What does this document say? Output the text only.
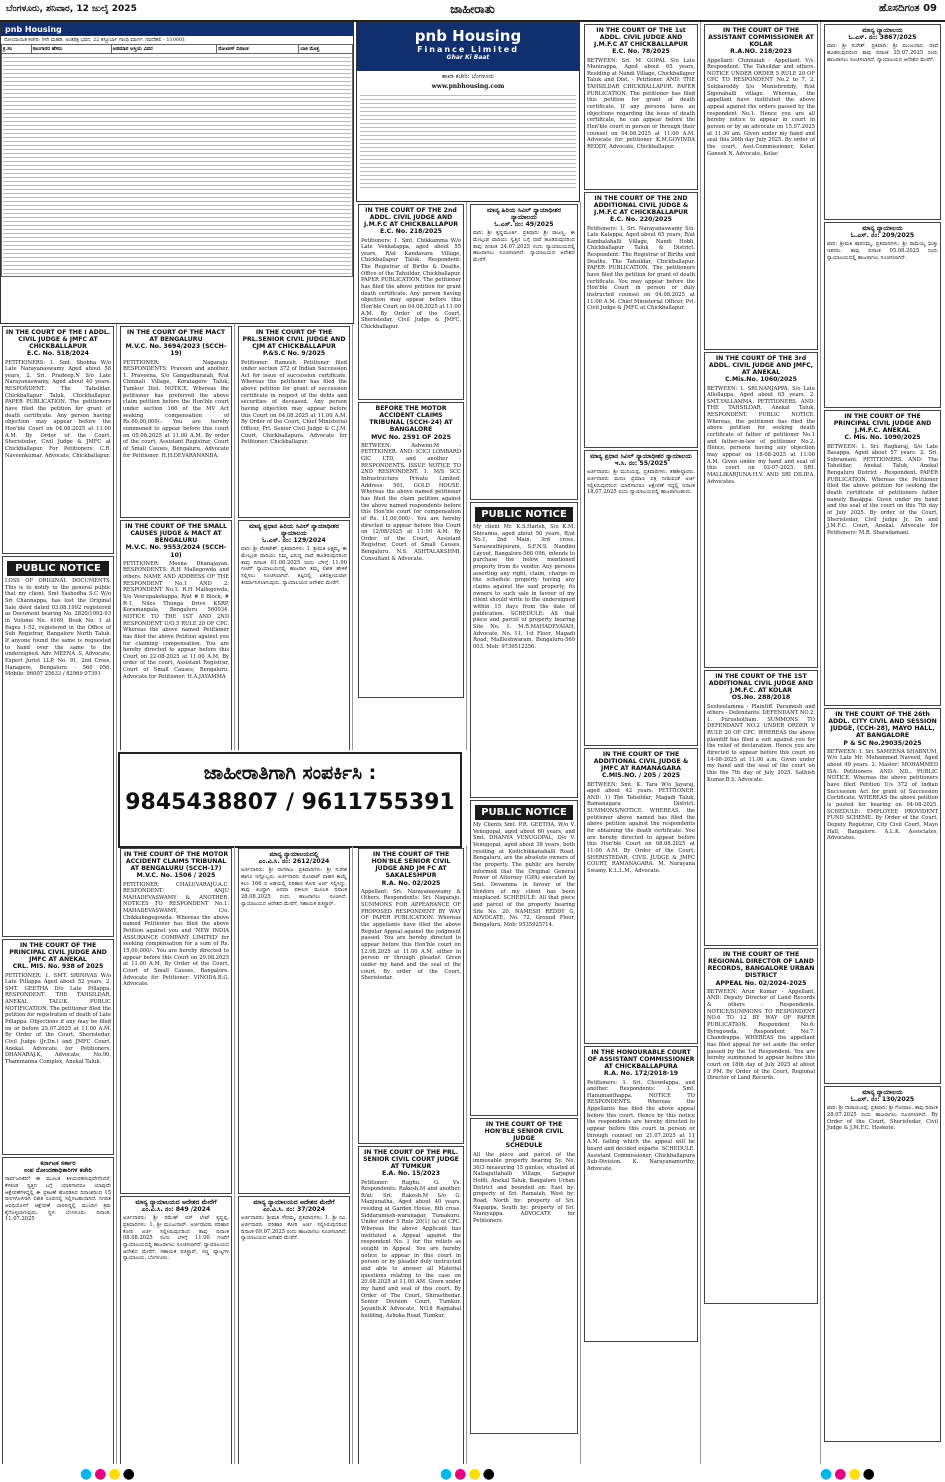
ಬೆಂಗಳೂರು, ಶನಿವಾರ, 12 ಜುಲೈ 2025	ಜಾಹೀರಾತು	ಹೊಸದಿಗಂತ 09
pnb Housing
ನೋಂದಾಯಿತ ಕಚೇರಿ: 9ನೇ ಮಹಡಿ, ಅಂತರಿಕ್ಷ ಭವನ, 22 ಕಸ್ತೂರ್ಬಾ ಗಾಂಧಿ ಮಾರ್ಗ, ನವದೆಹಲಿ - 110001
ಕ್ರ.ಸಂ	ಸಾಲಗಾರರ ಹೆಸರು	ಅಡಮಾನ ಆಸ್ತಿಯ ವಿವರ	ನೋಟೀಸ್ ದಿನಾಂಕ	ಬಾಕಿ ಮೊತ್ತ

pnb Housing
Finance Limited
Ghar Ki Baat
ಶಾಖಾ ಕಚೇರಿ: ಬೆಂಗಳೂರು
www.pnbhousing.com
ಜಾಹೀರಾತಿಗಾಗಿ ಸಂಪರ್ಕಿಸಿ :
9845438807 / 9611755391
IN THE COURT OF THE I ADDL. CIVIL JUDGE & JMFC AT CHICKBALLAPUR
E.C. No. 518/2024

PETITIONERS: 1. Smt. Shobha W/o Late Narayanaswamy Aged about 58 years, 2. Sri. Pradeep.N S/o Late Narayanaswamy, Aged about 40 years. RESPONDENT: The Tahsildar, Chickballapur Taluk, Chickballapur. PAPER PUBLICATION. The petitioners have filed the petition for grant of death certificate. Any person having objection may appear before the Hon'ble Court on 04.08.2025 at 11.00 A.M. By Order of the Court, Sheristedar, Civil Judge & JMFC at Chickballapur. For Petitioners: C.R. Naveenkumar, Advocate, Chickballapur.

PUBLIC NOTICE

LOSS OF ORIGINAL DOCUMENTS. This is to notify to the general public that my client, Smt Yashodha S.C W/o Sri Channappa, has lost the Original Sale deed dated 03.08.1992 registered as Document bearing No. 2820/1992-93 in Volume No. 4169, Book No. 1 at Pages 1-52, registered in the Office of Sub Registrar, Bangalore North Taluk. If anyone found the same is requested to hand over the same to the undersigned. Adv. MEENA .S, Advocate, Expert Jurist LLP, No. 91, 2nd Cross, Hanagere, Bengaluru - 560 056. Mobile: 96007 25633 / 82969 07391

IN THE COURT OF THE PRINCIPAL CIVIL JUDGE AND JMFC AT ANEKAL
CRL. MIS. No. 938 of 2025

PETITIONER: 1. SMT. SRINIVAS W/o Late Pillappa Aged about 52 years, 2. SMT. GEETHA D/o Late Pillappa. RESPONDENT: THE TAHSILDAR, ANEKAL TALUK. PUBLIC NOTIFICATION. The petitioner filed the petition for registration of death of Late Pillappa. Objections if any may be filed on or before 25.07.2025 at 11.00 A.M. By Order of the Court, Sheristedar, Civil Judge (Jr.Dn.) and JMFC Court, Anekal. Advocate for Petitioners: DHANARAJ.K, Advocate, No.90, Thammanna Complex, Anekal Taluk.

ಕರ್ನಾಟಕ ಸರ್ಕಾರ
ಉಪ ನೋಂದಣಾಧಿಕಾರಿಗಳ ಕಚೇರಿ

ಸಾರ್ವಜನಿಕರಿಗೆ ಈ ಮೂಲಕ ತಿಳಿಯಪಡಿಸುವುದೇನೆಂದರೆ, ಕೆಳಕಂಡ ಸ್ವತ್ತಿನ ಬಗ್ಗೆ ಯಾರಿಗಾದರೂ ಯಾವುದೇ ಆಕ್ಷೇಪಣೆಗಳಿದ್ದಲ್ಲಿ ಈ ಪ್ರಕಟಣೆ ಹೊರಡಿಸಿದ ದಿನಾಂಕದಿಂದ 15 ದಿನಗಳೊಳಗಾಗಿ ಲಿಖಿತ ರೂಪದಲ್ಲಿ ಸಲ್ಲಿಸಬಹುದಾಗಿದೆ. ನಿಗದಿತ ಅವಧಿಯೊಳಗೆ ಆಕ್ಷೇಪಣೆ ಬಾರದಿದ್ದಲ್ಲಿ ಮುಂದಿನ ಕ್ರಮ ಕೈಗೊಳ್ಳಲಾಗುವುದು. ಸ್ಥಳ: ಬೆಂಗಳೂರು. ದಿನಾಂಕ: 11.07.2025

IN THE COURT OF THE MACT AT BENGALURU
M.V.C. No. 3694/2023 (SCCH-19)

PETITIONER: Nagaraju. RESPONDENTS: Praveen and another. 1. Praveena, S/o Gangadharaiah, R/at Chinnali Village, Koratagere Taluk, Tumkur Dist. NOTICE. Whereas the petitioner has preferred the above claim petition before the Hon'ble court under section 166 of the MV Act seeking compensation of Rs.60,00,000/-. You are hereby summoned to appear before this court on 05.08.2025 at 11.00 A.M. By order of the court, Assistant Registrar, Court of Small Causes, Bengaluru. Advocate for Petitioner: H.H.DEVARANANDA.

IN THE COURT OF THE SMALL CAUSES JUDGE & MACT AT BENGALURU
M.V.C. No. 9553/2024 (SCCH-10)

PETITIONER: Meena Dhanajayan. RESPONDENTS: R.H Mallegowda and others. NAME AND ADDRESS OF THE RESPONDENT No.1 AND 2. RESPONDENT No.1: R.H Mallegowda, S/o Veerupakshappa, R/at # 8 Block, # R-1, Niles Thunga Drive KSRP, Koramangala, Bengaluru 560034. NOTICE TO THE 1ST AND 2ND RESPONDENT U/O 5 RULE 20 OF CPC. Whereas the above named Petitioner has filed the above Petition against you for claiming compensation. You are hereby directed to appear before this Court on 22-08-2025 at 11.00 A.M. By order of the court, Assistant Registrar, Court of Small Causes, Bengaluru. Advocate for Petitioner: H.A.JAYAMMA

IN THE COURT OF THE MOTOR ACCIDENT CLAIMS TRIBUNAL AT BENGALURU (SCCH-17)
M.V.C. No. 1506 / 2025

PETITIONER: CHALUVARAJU.A.C. RESPONDENT: ANJU MAHADEVASWAMY & ANOTHER. NOTICES TO RESPONDENT No.1: MAHADEVASWAMY, C/o. Chikkalingegowda. Whereas the above named Petitioner has filed the above Petition against you and 'NEW INDIA ASSURANCE COMPANY LIMITED' for seeking compensation for a sum of Rs. 15,00,000/-. You are hereby directed to appear before this Court on 29.08.2025 at 11.00 A.M. By Order of the Court, Court of Small Causes, Bangalore. Advocate for Petitioner: VINODA.B.G, Advocate.

ಮಾನ್ಯ ನ್ಯಾಯಾಲಯದ ಆದೇಶದ ಮೇರೆಗೆ
ಎಂ.ವಿ.ಸಿ. ನಂ: 849 /2024

ಅರ್ಜಿದಾರರು: ಶ್ರೀ ರಮೇಶ್ ಬಿನ್ ಲೇಟ್ ಕೃಷ್ಣಪ್ಪ. ಪ್ರತಿವಾದಿಗಳು: 1. ಶ್ರೀ ಮಂಜುನಾಥ್. ಅರ್ಜಿದಾರರು ಪರಿಹಾರ ಕೋರಿ ಅರ್ಜಿ ಸಲ್ಲಿಸಿರುವುದರಿಂದ ತಾವು ದಿನಾಂಕ 08.08.2025 ರಂದು ಬೆಳಿಗ್ಗೆ 11.00 ಗಂಟೆಗೆ ನ್ಯಾಯಾಲಯದಲ್ಲಿ ಹಾಜರಾಗಲು ಸೂಚಿಸಲಾಗಿದೆ. ನ್ಯಾಯಾಲಯದ ಆದೇಶದ ಮೇರೆಗೆ, ಸಹಾಯಕ ರಿಜಿಸ್ಟ್ರಾರ್, ಸಣ್ಣ ವ್ಯಾಜ್ಯಗಳ ನ್ಯಾಯಾಲಯ, ಬೆಂಗಳೂರು.

IN THE COURT OF THE PRL.SENIOR CIVIL JUDGE AND CJM AT CHICKBALLAPUR
P.&S.C No. 9/2025

Petitioner: Ramesh. Petitioner filed under section 372 of Indian Succession Act for issue of succession certificate. Whereas the petitioner has filed the above petition for grant of succession certificate in respect of the debts and securities of deceased. Any person having objection may appear before this Court on 04.08.2025 at 11.00 A.M. By Order of the Court, Chief Ministerial Officer, Prl. Senior Civil Judge & C.J.M. Court, Chickballapura. Advocate for Petitioner: Chickballapur.

ಮಾನ್ಯ ಪ್ರಧಾನ ಹಿರಿಯ ಸಿವಿಲ್ ನ್ಯಾಯಾಧೀಶರ ನ್ಯಾಯಾಲಯ
ಓ.ಎಸ್. ನಂ: 129/2024

ವಾದಿ: ಶ್ರೀ ವೆಂಕಟೇಶ್. ಪ್ರತಿವಾದಿಗಳು: 1. ಶ್ರೀಮತಿ ಲಕ್ಷ್ಮಮ್ಮ. ಈ ಮೇಲ್ಕಂಡ ವಾದಿಯು ನಿಮ್ಮ ವಿರುದ್ಧ ದಾವೆ ಹೂಡಿರುವುದರಿಂದ ತಾವು ದಿನಾಂಕ 01.08.2025 ರಂದು ಬೆಳಿಗ್ಗೆ 11.00 ಗಂಟೆಗೆ ನ್ಯಾಯಾಲಯದಲ್ಲಿ ಹಾಜರಾಗಿ ತಮ್ಮ ಲಿಖಿತ ಹೇಳಿಕೆ ಸಲ್ಲಿಸಲು ಸೂಚಿಸಲಾಗಿದೆ. ತಪ್ಪಿದಲ್ಲಿ ಏಕಪಕ್ಷೀಯವಾಗಿ ತೀರ್ಮಾನಿಸಲಾಗುವುದು. ನ್ಯಾಯಾಲಯದ ಆದೇಶದ ಮೇರೆಗೆ.

ಮಾನ್ಯ ನ್ಯಾಯಾಲಯದಲ್ಲಿ
ಎಂ.ವಿ.ಸಿ. ನಂ: 2612/2024

ಅರ್ಜಿದಾರರು: ಶ್ರೀ ನಾಗರಾಜ. ಪ್ರತಿವಾದಿಗಳು: ಶ್ರೀ ಸುರೇಶ ಹಾಗೂ ಇನ್ನೊಬ್ಬರು. ಅರ್ಜಿದಾರರು ಮೋಟಾರ್ ವಾಹನ ಕಾಯ್ದೆ ಕಲಂ 166 ರ ಅಡಿಯಲ್ಲಿ ಪರಿಹಾರ ಕೋರಿ ಅರ್ಜಿ ಸಲ್ಲಿಸಿದ್ದು, ತಾವು ಖುದ್ದಾಗಿ ಅಥವಾ ವಕೀಲರ ಮೂಲಕ ದಿನಾಂಕ 28.08.2025 ರಂದು ಹಾಜರಾಗಲು ಸೂಚಿಸಿದೆ. ನ್ಯಾಯಾಲಯದ ಆದೇಶದ ಮೇರೆಗೆ, ಸಹಾಯಕ ರಿಜಿಸ್ಟ್ರಾರ್.

ಮಾನ್ಯ ನ್ಯಾಯಾಲಯದ ಆದೇಶದ ಮೇರೆಗೆ
ಎಂ.ವಿ.ಸಿ. ನಂ: 37/2024

ಅರ್ಜಿದಾರರು: ಶ್ರೀಮತಿ ಗೌರಮ್ಮ. ಪ್ರತಿವಾದಿಗಳು: 1. ಶ್ರೀ ರವಿ. ಅರ್ಜಿದಾರರು ಪರಿಹಾರ ಕೋರಿ ಅರ್ಜಿ ಸಲ್ಲಿಸಿರುವುದರಿಂದ ದಿನಾಂಕ 09.07.2025 ರಂದು ಹಾಜರಾಗಲು ಸೂಚಿಸಲಾಗಿದೆ. ನ್ಯಾಯಾಲಯದ ಆದೇಶದ ಮೇರೆಗೆ.

IN THE COURT OF THE 2nd ADDL. CIVIL JUDGE AND J.M.F.C AT CHICKBALLAPUR
E.C. No. 218/2025

Petitioners: 1. Smt. Chikkamma W/o Late Venkatappa, aged about 55 years, R/at Kandavara Village, Chickballapur Taluk. Respondent: The Registrar of Births & Deaths, Office of the Tahsildar, Chickballapur. PAPER PUBLICATION. The petitioner has filed the above petition for grant death certificate. Any person having objection may appear before this Hon'ble Court on 04.08.2025 at 11.00 A.M. By Order of the Court, Sheristedar, Civil Judge & JMFC, Chickballapur.

BEFORE THE MOTOR ACCIDENT CLAIMS TRIBUNAL (SCCH-24) AT BANGALORE
MVC No. 2591 OF 2025

BETWEEN: Ashwini.M - PETITIONER. AND: ICICI LOMBARD GIC LTD, and another - RESPONDENTS. ISSUE NOTICE TO 2ND RESPONDENT. 1. M/S SCC Infrastructure Private Limited, Address: 501, GOLD HOUSE. Whereas the above named petitioner has filed the claim petition against the above named respondents before this Hon'ble court for compensation of Rs. 11,00,000/-. You are hereby directed to appear before this Court on 12/08/2025 at 11:00 A.M. By Order of the Court, Assistant Registrar, Court of Small Causes, Bengaluru. N.S. ASHTALAKSHMI, Consultant & Advocate.

IN THE COURT OF THE HON'BLE SENIOR CIVIL JUDGE AND JM FC AT SAKALESHPUR
R.A. No. 02/2025

Appellant: Sri. Narayanaswamy & Others. Respondents: Sri. Nagaraju. SUMMONS FOR APPEARANCE OF PROPOSED RESPONDENT BY WAY OF PAPER PUBLICATION. Whereas the appellants have filed the above Regular Appeal against the judgment passed. You are hereby directed to appear before this Hon'ble court on 12.08.2025 at 11.00 A.M. either in person or through pleader. Given under my hand and the seal of the court. By order of the Court, Sheristedar.

IN THE COURT OF THE PRL. SENIOR CIVIL COURT JUDGE AT TUMKUR
E.A. No. 15/2023

Petitioner: Raghu. G. Vs. Respondents: Rakesh.M and another. R/at: Sri. Rakesh.M S/o G. Manjunatha, Aged about 40 years, residing at Garden House, 8th cross, Siddaramesh-waranagar, Tumakuru. Under order 5 Rule 20(1) (a) of CPC. Whereas the above Applicant has instituted a Appeal against the respondent No. 1 for the reliefs as sought in Appeal. You are hereby notice to appear in this court in person or by pleader duly instructed and able to answer all Material questions relating to the case on 20.08.2025 at 11.00 AM. Given under my hand and seal of this court. By Order of The Court, Shirasthedar, Senior Division Court, Tumkur. Jayanth.K Advocate, NO.8 Rajmahal building, Ashoka Road, Tumkur.

ಮಾನ್ಯ ಹಿರಿಯ ಸಿವಿಲ್ ನ್ಯಾಯಾಧೀಶರ ನ್ಯಾಯಾಲಯ
ಓ.ಎಸ್. ನಂ: 49/2025

ವಾದಿ: ಶ್ರೀ ಕೃಷ್ಣಮೂರ್ತಿ. ಪ್ರತಿವಾದಿ: ಶ್ರೀ ರಾಜಣ್ಣ. ಈ ಮೇಲ್ಕಂಡ ವಾದಿಯು ಸ್ವತ್ತಿನ ಬಗ್ಗೆ ದಾವೆ ಹೂಡಿರುವುದರಿಂದ ತಾವು ದಿನಾಂಕ 24.07.2025 ರಂದು ನ್ಯಾಯಾಲಯದಲ್ಲಿ ಹಾಜರಾಗಲು ಸೂಚಿಸಲಾಗಿದೆ. ನ್ಯಾಯಾಲಯದ ಆದೇಶದ ಮೇರೆಗೆ.

PUBLIC NOTICE

My client Mr. K.S.Harish, S/o K.M. Shivanna, aged about 50 years, R/at No.1, 2nd Main, 3rd cross, Saraswathipuram, S.F.N.S. Nandini Layout, Bangalore-560 096, intends to purchase the below mentioned property from its vendor. Any persons asserting any right, claim, charge in the schedule property having any claims against the said property, its owners to such sale in favour of my client should write to the undersigned within 15 days from the date of publication. SCHEDULE: All that piece and parcel of property bearing Site No. 1. M.B.MAHADEVAIAH, Advocate, No. 11, 1st Floor, Magadi Road, Mallleshwaram, Bengaluru-560 003. Mob: 9739512256.

PUBLIC NOTICE

My Clients Smt. P.R. GEETHA, W/o V. Venugopal, aged about 60 years, and Smt. DHANYA VENUGOPAL, D/o V. Venugopal, aged about 38 years, both residing at Kodichikkanahalli Road, Bengaluru, are the absolute owners of the property. The public are hereby informed that the Original General Power of Attorney (GPA) executed by Smt. Devamma in favour of the Vendors of my client has been misplaced. SCHEDULE: All that piece and parcel of the property bearing Site No. 20. NAMESH REDDY G, ADVOCATE, No. 72, Ground Floor, Bengaluru. Mob: 9535925714.

IN THE COURT OF THE HON'BLE SENIOR CIVIL JUDGE
SCHEDULE

All the piece and parcel of the immovable property bearing Sy. No. 36/3 measuring 15 guntas, situated at Nallagattahalli Village, Sarjapur Hobli, Anekal Taluk, Bangalore Urban District and bounded on: East by: property of Sri. Ramaiah, West by: Road, North by: property of Sri. Nagappa, South by: property of Sri. Muniyappa. ADVOCATE for Petitioners.

IN THE COURT OF THE 1st ADDL. CIVIL JUDGE AND J.M.F.C AT CHICKBALLAPUR
E.C. No. 78/2025

BETWEEN: Sri. M. GOPAL S/o Late Munirappa, Aged about 65 years, Residing at Nandi Village, Chickballapur Taluk and Dist. - Petitioner. AND: THE TAHSILDAR CHICKBALLAPUR. PAPER PUBLICATION. The petitioner has filed this petition for grant of death certificate. If any persons have an objections regarding the issue of death certificate, he can appear before the Hon'ble court in person or through their counsel on 04.08.2025 at 11:00 A.M. Advocate for petitioner K.M.GOVINDA REDDY, Advocate, Chickballapur.

IN THE COURT OF THE 2ND ADDITIONAL CIVIL JUDGE & J.M.F.C AT CHICKBALLAPUR
E.C. No. 220/2025

Petitioners: 1. Sri. Narayanaswamy S/o. Late Kalappa, Aged about 65 years, R/at Kambalahalli Village, Nandi Hobli, Chickballapur Taluk & District. Respondent: The Registrar of Births and Deaths, The Tahsildar, Chickballapur. PAPER PUBLICATION. The petitioners have filed the petition for grant of death certificate. You may appear before the Hon'ble Court in person or duly instructed counsel on 04.08.2025 at 11:00 A.M. Chief Ministerial Officer, Prl. Civil Judge & JMFC at Chickballapur.

ಮಾನ್ಯ ಪ್ರಧಾನ ಸಿವಿಲ್ ನ್ಯಾಯಾಧೀಶರ ನ್ಯಾಯಾಲಯ
ಇ.ಸಿ. ನಂ: 55/2025

ಅರ್ಜಿದಾರರು: ಶ್ರೀ ಮುನಿಯಪ್ಪ. ಪ್ರತಿವಾದಿಗಳು: ತಹಶೀಲ್ದಾರರು. ಅರ್ಜಿದಾರರು ಮರಣ ಪ್ರಮಾಣ ಪತ್ರ ನೀಡುವಂತೆ ಅರ್ಜಿ ಸಲ್ಲಿಸಿರುವುದರಿಂದ ಯಾರಿಗಾದರೂ ಆಕ್ಷೇಪಣೆ ಇದ್ದಲ್ಲಿ ದಿನಾಂಕ 18.07.2025 ರಂದು ನ್ಯಾಯಾಲಯದಲ್ಲಿ ಹಾಜರಾಗಬಹುದು.

IN THE COURT OF THE ADDITIONAL CIVIL JUDGE & JMFC AT RAMANAGARA
C.MIS.NO. / 205 / 2025

BETWEEN: Smt. K. Tara W/o Jayaraj, aged about 42 years. PETITIONER. AND: 1) The Tahsildar, Magadi Taluk, Ramanagara District. SUMMONS/NOTICE. WHEREAS, the petitioner above named has filed the above petition against the respondents for obtaining the death certificate. You are hereby directed to appear before this Hon'ble Court on 08.08.2025 at 11:00 A.M. By Order of the Court, SHERISTEDAR, CIVIL JUDGE & JMFC COURT, RAMANAGARA. M. Narayana Swamy. K.L.L.M., Advocate.

IN THE HONOURABLE COURT OF ASSISTANT COMMISSIONER AT CHICKBALLAPURA
R.A. No. 172/2018-19

Petitioners: 1. Sri. Chowdappa, and another. Respondents: 1. Smt. Hanumanthappa. NOTICE TO RESPONDENTS. Whereas the Appellants has filed the above appeal before this court. Hence by this notice the respondents are hereby directed to appear before this court in person or through counsel on 21.07.2025 at 11 A.M. failing which the appeal will be heard and decided exparte. SCHEDULE. Assistant Commissioner, Chickballapura Sub-Division. K. Narayanamurthy, Advocate.

IN THE COURT OF THE ASSISTANT COMMISSIONER AT KOLAR
R.A.NO. 218/2023

Appellant: Chinnaiah - Appellant. V/s. Respondent: The Tahsildar and others. NOTICE UNDER ORDER 5 RULE 20 OF CPC TO RESPONDENT No.2 to 7. 2. Subbareddy S/o Munishreddy, R/at Sigenahalli village. Whereas, the appellant have instituted the above appeal against the orders passed by the respondent No.1. Hence you are all hereby notice to appear in court in person or by an advocate on 15.07.2025 at 11.30 am. Given under my hand and seal this 26th day July 2025. By order of the court, Asst.Commissioner, Kolar. Ganesh N. Advocate, Kolar.

IN THE COURT OF THE 3rd ADDL. CIVIL JUDGE AND JMFC, AT ANEKAL
C.Mis.No. 1060/2025

BETWEEN: 1. SRI.NANJAPPA, S/o Late Allollappa, Aged about 65 years. 2. SMT.YALLAMMA. PETITIONERS. AND: THE TAHSILDAR, Anekal Taluk, RESPONDENT. PUBLIC NOTICE. Whereas, the petitioner has filed the above petition for seeking death certificate of father of petitioner No.1 and father-in-law of petitioner No.2. Hence, persons having any objection may appear on 18-08-2025 at 11:00 A.M. Given under my hand and seal of this court on 02-07-2025. SRI. MALLIKARJUNA.H.V. AND SRI DILIP.A, Advocates.

IN THE COURT OF THE 1ST ADDITIONAL CIVIL JUDGE AND J.M.F.C. AT KOLAR
OS.No. 288/2018

Susheelamma - Plaintiff. Paramesh and others - Defendants. DEFENDANT NO.2: 1. Purushotham. SUMMONS TO DEFENDANT NO.2 UNDER ORDER V RULE 20 OF CPC. WHEREAS the above plaintiff has filed a suit against you for the relief of declaration. Hence you are directed to appear before this court on 14-08-2025 at 11.00 a.m. Given under my hand and the seal of the court on this the 7th day of July 2025. Sathish Kumar.B.S, Advocate.

IN THE COURT OF THE REGIONAL DIRECTOR OF LAND RECORDS, BANGALORE URBAN DISTRICT
APPEAL No. 02/2024-2025

BETWEEN: Arun Kumar - Appellant. AND: Deputy Director of Land Records & others - Respondents. NOTICE/SUMMONS TO RESPONDENT NO.6 TO 12 BY WAY OF PAPER PUBLICATION. Respondent No.6: Byregowda, Respondent No.7: Chandrappa. WHEREAS the appellant has filed appeal for set aside the order passed by the 1st Respondent. You are hereby summoned to appear before this court on 18th day of July 2025 at about 3 PM. By Order of the Court, Regional Director of Land Records.

ಮಾನ್ಯ ನ್ಯಾಯಾಲಯ
ಓ.ಎಸ್. ನಂ: 3867/2025

ವಾದಿ: ಶ್ರೀ ಸುರೇಶ್. ಪ್ರತಿವಾದಿ: ಶ್ರೀ ಮಂಜುನಾಥ. ದಾವೆ ಹೂಡಿರುವುದರಿಂದ ತಾವು ದಿನಾಂಕ 25.07.2025 ರಂದು ಹಾಜರಾಗಲು ಸೂಚಿಸಲಾಗಿದೆ. ನ್ಯಾಯಾಲಯದ ಆದೇಶದ ಮೇರೆಗೆ.

ಮಾನ್ಯ ನ್ಯಾಯಾಲಯ
ಓ.ಎಸ್. ನಂ: 209/2025

ವಾದಿ: ಶ್ರೀಮತಿ ಶಾರದಮ್ಮ. ಪ್ರತಿವಾದಿಗಳು: ಶ್ರೀ ರಾಮಯ್ಯ ಮತ್ತು ಇತರರು. ತಾವು ದಿನಾಂಕ 05.08.2025 ರಂದು ನ್ಯಾಯಾಲಯದಲ್ಲಿ ಹಾಜರಾಗಲು ಸೂಚಿಸಲಾಗಿದೆ.

IN THE COURT OF THE PRINCIPAL CIVIL JUDGE AND J.M.F.C. ANEKAL
C. Mis. No. 1090/2025

BETWEEN: 1. Sri. Ragharaj, S/o Late Basappa, Aged about 57 years. 2. Sri. Subramani. PETITIONERS. AND: The Tahsildar, Anekal Taluk, Anekal Bengaluru District - Respondent. PAPER PUBLICATION. Whereas the Petitioner filed the above petition for seeking the death certificate of petitioners father namely Basappa. Given under my hand and the seal of the court on this 7th day of July 2025. By order of the Court, Sheristedar, Civil Judge Jr. Dn and J.M.F.C. Court, Anekal. Advocate for Petitioners: M.R. Sharadamani.

IN THE COURT OF THE 26th ADDL. CITY CIVIL AND SESSION JUDGE, (CCH-28), MAYO HALL, AT BANGALORE
P & SC No.29035/2025

BETWEEN: 1. Sri. SAMEENA SHABNUM, W/o Late Mr. Mohammed Naveed, Aged about 40 years. 2. Master: MOHAMMED ISA. Petitioners. AND: NIL. PUBLIC NOTICE. Whereas the above petitioners have filed Petition U/s 372 of Indian Succession Act for grant of Succession Certificate. WHEREAS the above petition is posted for hearing on 04-08-2025. SCHEDULE: EMPLOYEE PROVIDENT FUND SCHEME. By Order of the Court, Deputy Registrar, City Civil Court, Mayo Hall, Bangalore. A.L.K. Associates, Advocates.

ಮಾನ್ಯ ನ್ಯಾಯಾಲಯ
ಓ.ಎಸ್. ನಂ: 130/2025

ವಾದಿ: ಶ್ರೀ ನಾರಾಯಣಪ್ಪ. ಪ್ರತಿವಾದಿ: ಶ್ರೀ ಗೋಪಾಲ. ತಾವು ದಿನಾಂಕ 28.07.2025 ರಂದು ಹಾಜರಾಗಲು ಸೂಚಿಸಲಾಗಿದೆ. By Order of the Court, Sheristedar, Civil Judge & J.M.F.C. Hoskote.

●●●●	●●●●	●●●●
